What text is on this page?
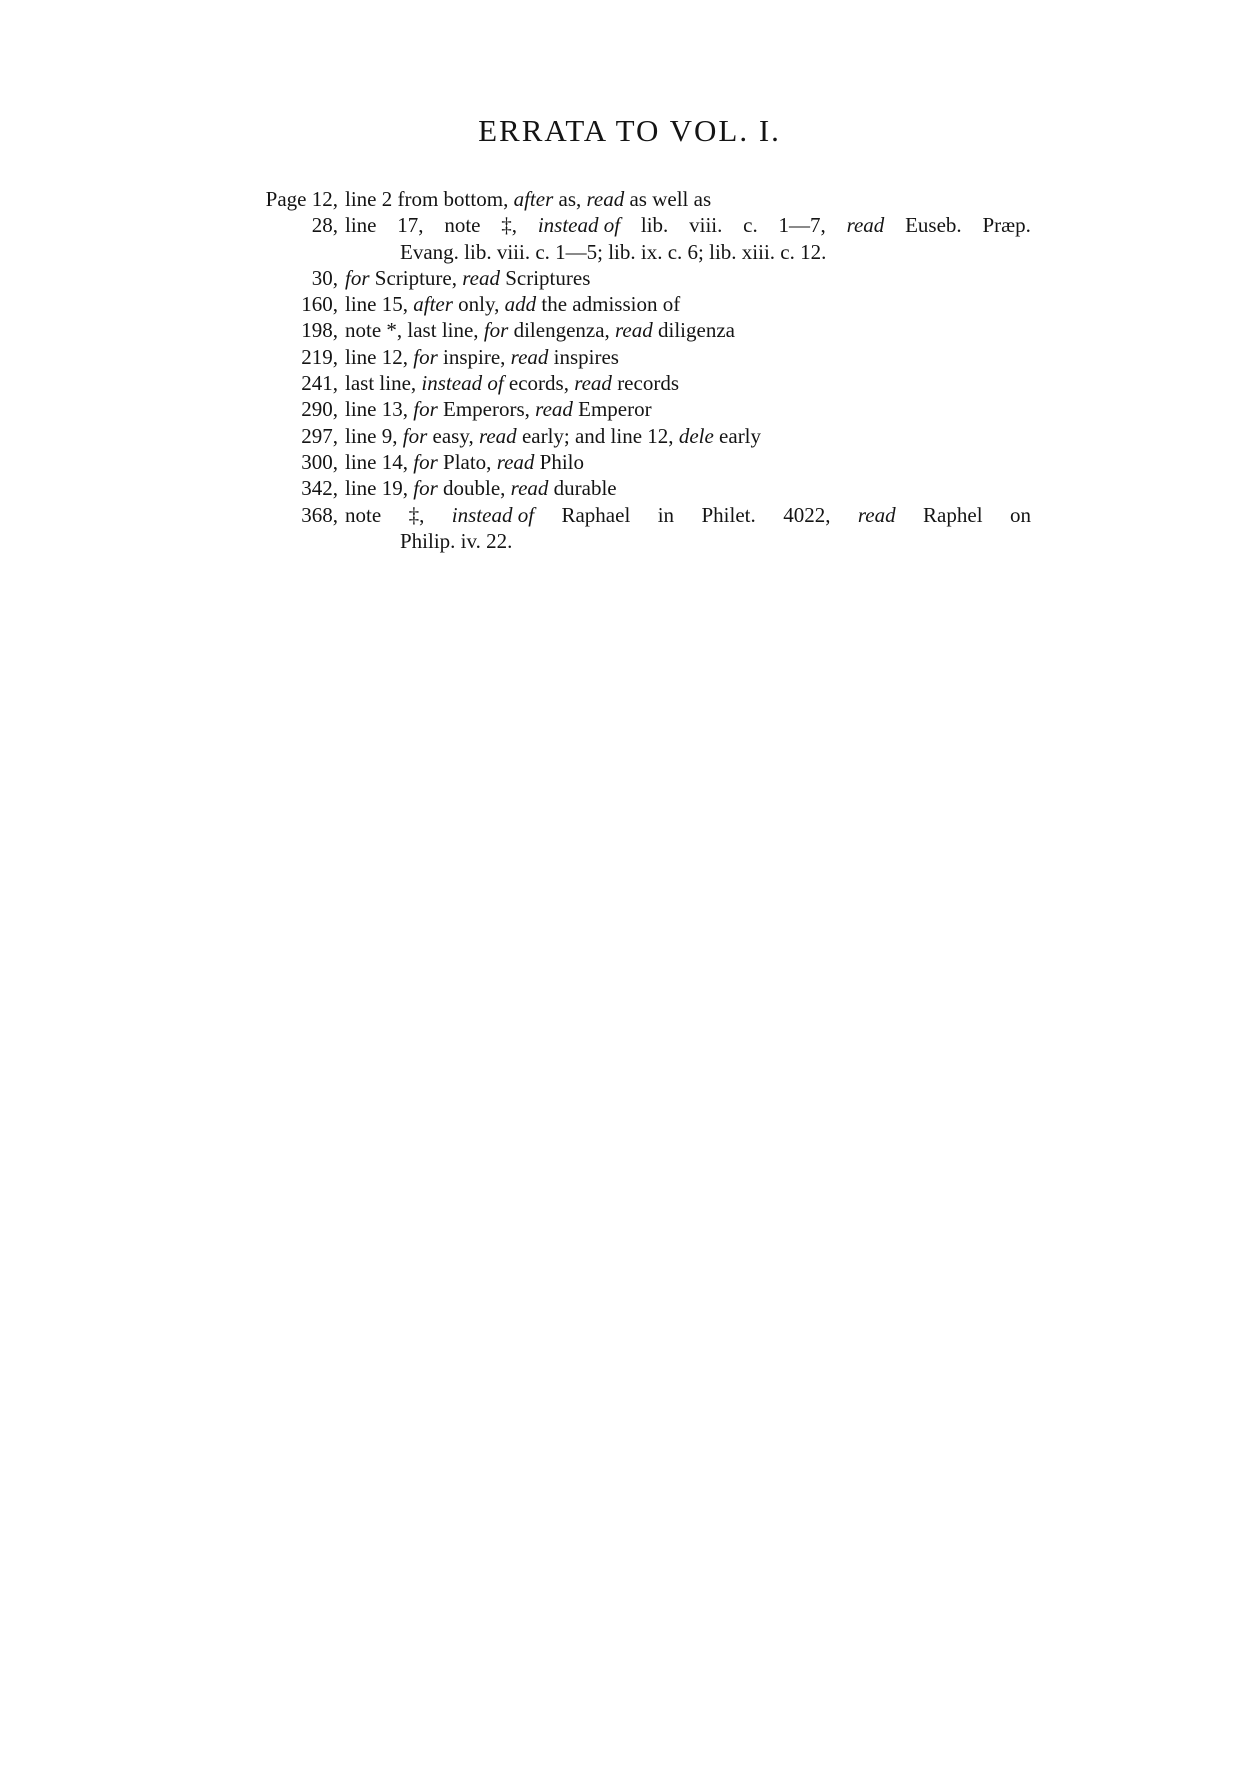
ERRATA TO VOL. I.
Page 12, line 2 from bottom, after as, read as well as
28, line 17, note ‡, instead of lib. viii. c. 1—7, read Euseb. Præp.
Evang. lib. viii. c. 1—5; lib. ix. c. 6; lib. xiii. c. 12.
30, for Scripture, read Scriptures
160, line 15, after only, add the admission of
198, note *, last line, for dilengenza, read diligenza
219, line 12, for inspire, read inspires
241, last line, instead of ecords, read records
290, line 13, for Emperors, read Emperor
297, line 9, for easy, read early; and line 12, dele early
300, line 14, for Plato, read Philo
342, line 19, for double, read durable
368, note ‡, instead of Raphael in Philet. 4022, read Raphel on
Philip. iv. 22.
